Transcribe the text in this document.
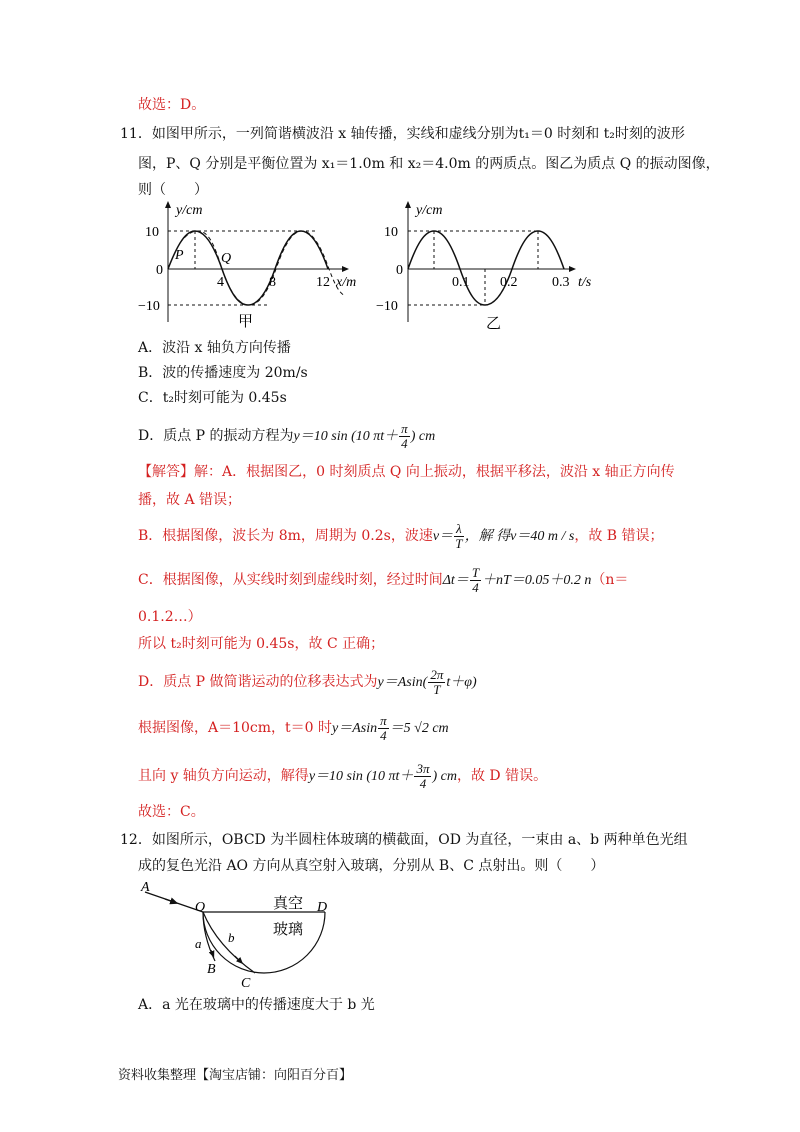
故选：D。
11．如图甲所示，一列简谐横波沿 x 轴传播，实线和虚线分别为t₁＝0 时刻和 t₂时刻的波形
图，P、Q 分别是平衡位置为 x₁＝1.0m 和 x₂＝4.0m 的两质点。图乙为质点 Q 的振动图像，
则（　　）
y/cm
10
0
−10
4	8	12 x/m
P	Q
甲
y/cm
10
0
−10
0.1 0.2 0.3 t/s
乙
A．波沿 x 轴负方向传播
B．波的传播速度为 20m/s
C．t₂时刻可能为 0.45s
D．质点 P 的振动方程为y＝10 sin (10 $\pi t+ \frac{\pi}{4}$ ) cm
【解答】解：A．根据图乙，0 时刻质点 Q 向上振动，根据平移法，波沿 x 轴正方向传
播，故 A 错误；
B．根据图像，波长为 8m，周期为 0.2s，波速$v= \frac{\lambda}{T}$ ，解 得v＝40 m / s，故 B 错误；
C．根据图像，从实线时刻到虚线时刻，经过时间$\Delta t= \frac{T}{4} +nT=0.05+0.2$ n（n＝
0.1.2…）
所以 t₂时刻可能为 0.45s，故 C 正确；
D．质点 P 做简谐运动的位移表达式为$y=Asin( \frac{2\pi}{T} t+\varphi)$
根据图像，A＝10cm，t＝0 时$y=Asin \frac{\pi}{4} =5$ √2 cm
且向 y 轴负方向运动，解得y＝10 sin (10 $\pi t+ \frac{3\pi}{4}$ ) cm，故 D 错误。
故选：C。
12．如图所示，OBCD 为半圆柱体玻璃的横截面，OD 为直径，一束由 a、b 两种单色光组
成的复色光沿 AO 方向从真空射入玻璃，分别从 B、C 点射出。则（　　）
A
O	D
B
C
a b
真空
玻璃
A．a 光在玻璃中的传播速度大于 b 光
资料收集整理【淘宝店铺：向阳百分百】
